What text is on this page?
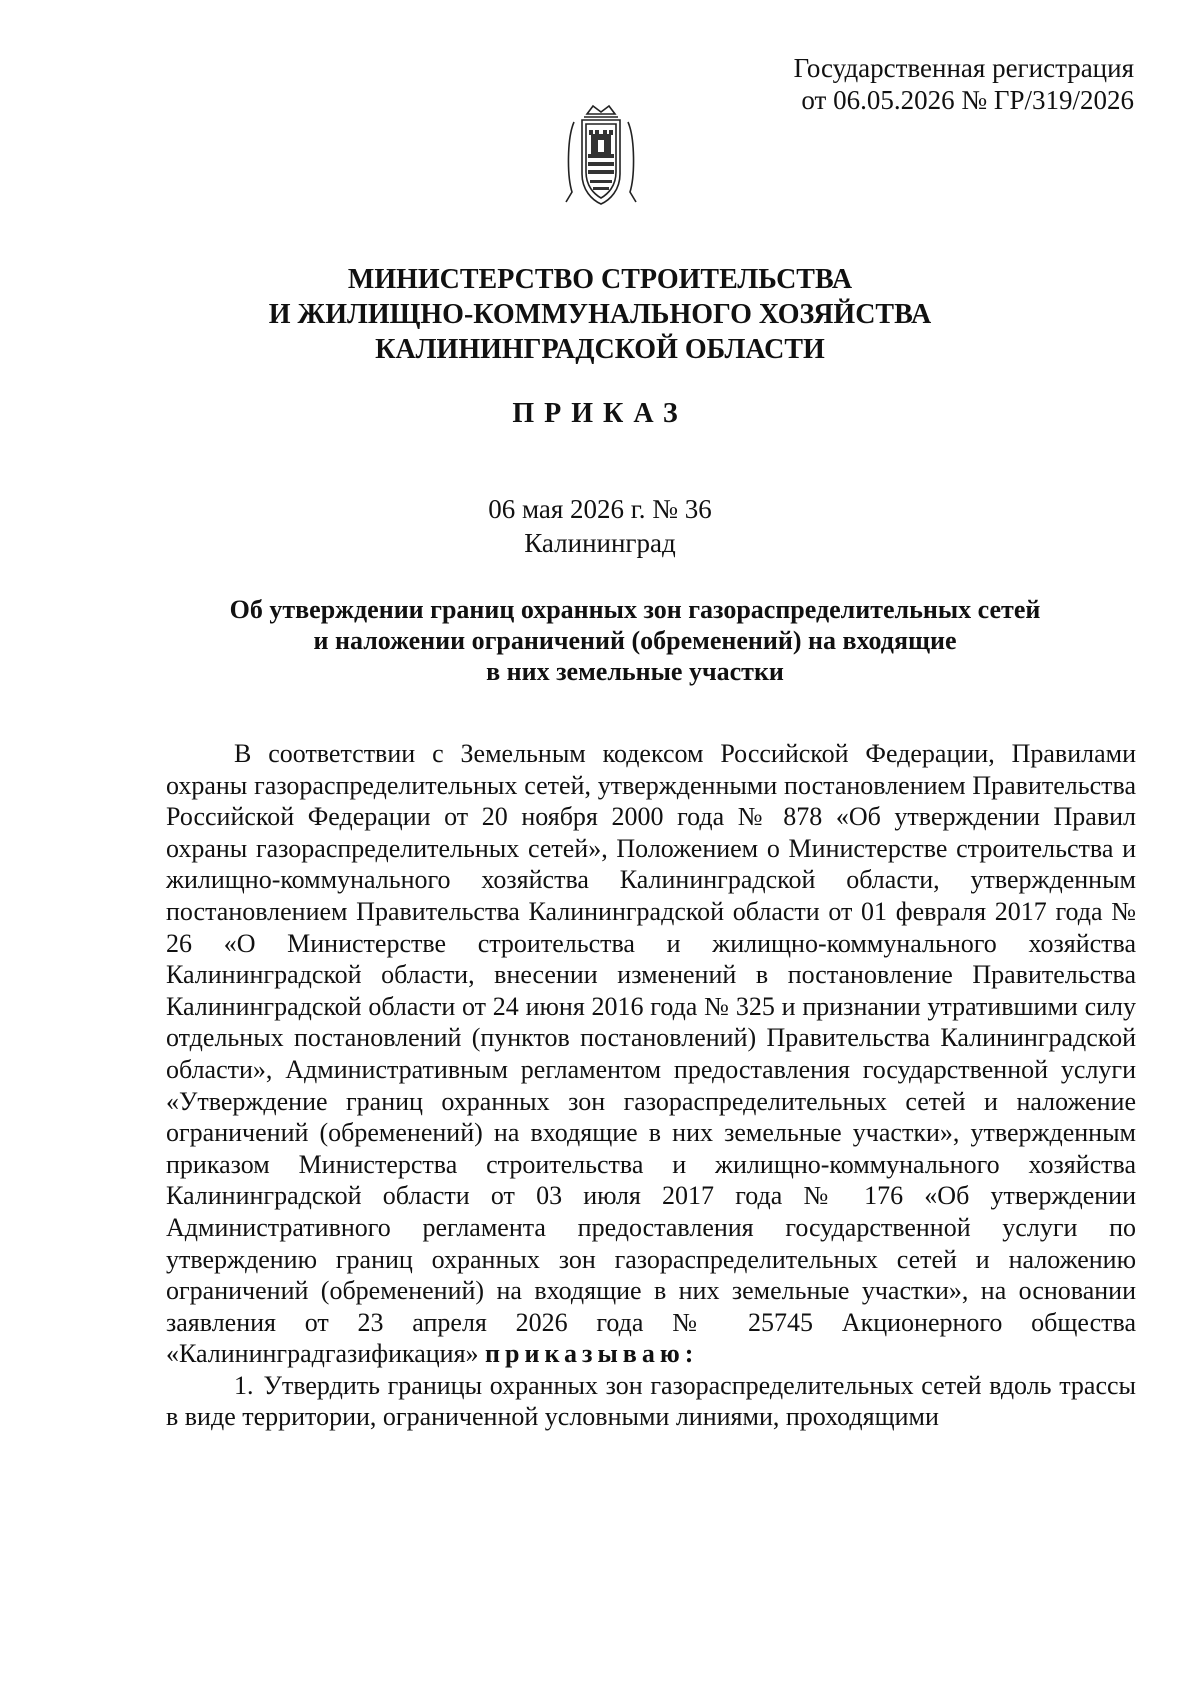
Государственная регистрация
от 06.05.2026 № ГР/319/2026
МИНИСТЕРСТВО СТРОИТЕЛЬСТВА
И ЖИЛИЩНО-КОММУНАЛЬНОГО ХОЗЯЙСТВА
КАЛИНИНГРАДСКОЙ ОБЛАСТИ
ПРИКАЗ
06 мая 2026 г. № 36
Калининград
Об утверждении границ охранных зон газораспределительных сетей
и наложении ограничений (обременений) на входящие
в них земельные участки

В соответствии с Земельным кодексом Российской Федерации, Правилами охраны газораспределительных сетей, утвержденными постановлением Правительства Российской Федерации от 20 ноября 2000 года № 878 «Об утверждении Правил охраны газораспределительных сетей», Положением о Министерстве строительства и жилищно-коммунального хозяйства Калининградской области, утвержденным постановлением Правительства Калининградской области от 01 февраля 2017 года № 26 «О Министерстве строительства и жилищно-коммунального хозяйства Калининградской области, внесении изменений в постановление Правительства Калининградской области от 24 июня 2016 года № 325 и признании утратившими силу отдельных постановлений (пунктов постановлений) Правительства Калининградской области», Административным регламентом предоставления государственной услуги «Утверждение границ охранных зон газораспределительных сетей и наложение ограничений (обременений) на входящие в них земельные участки», утвержденным приказом Министерства строительства и жилищно-коммунального хозяйства Калининградской области от 03 июля 2017 года № 176 «Об утверждении Административного регламента предоставления государственной услуги по утверждению границ охранных зон газораспределительных сетей и наложению ограничений (обременений) на входящие в них земельные участки», на основании заявления от 23 апреля 2026 года № 25745 Акционерного общества «Калининградгазификация» приказываю:

1. Утвердить границы охранных зон газораспределительных сетей вдоль трассы в виде территории, ограниченной условными линиями, проходящими
